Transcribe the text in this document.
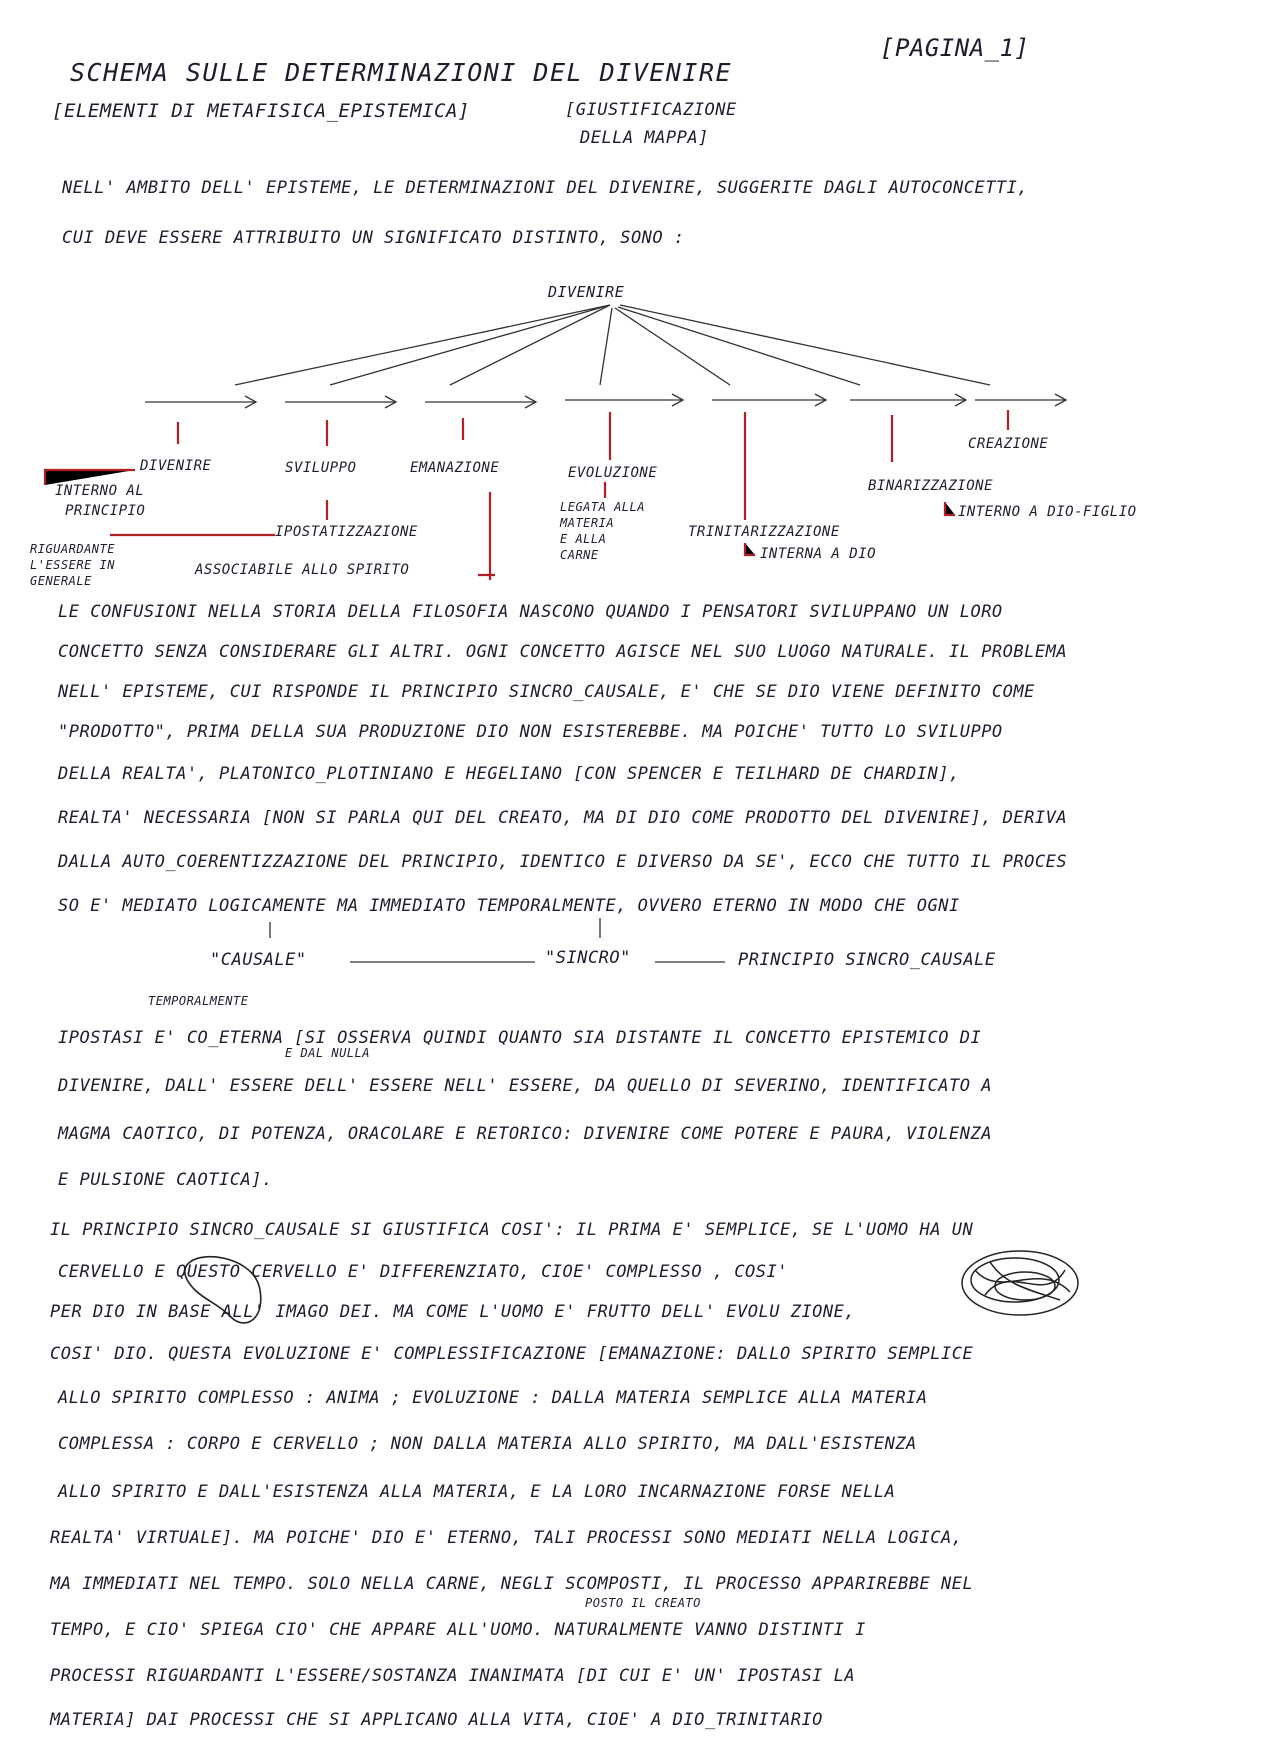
[PAGINA_1]
SCHEMA SULLE DETERMINAZIONI DEL DIVENIRE
[ELEMENTI DI METAFISICA_EPISTEMICA]	[GIUSTIFICAZIONE
DELLA MAPPA]
NELL' AMBITO DELL' EPISTEME, LE DETERMINAZIONI DEL DIVENIRE, SUGGERITE DAGLI AUTOCONCETTI,
CUI DEVE ESSERE ATTRIBUITO UN SIGNIFICATO DISTINTO, SONO :
DIVENIRE
DIVENIRE
INTERNO AL
PRINCIPIO
SVILUPPO
IPOSTATIZZAZIONE
EMANAZIONE
ASSOCIABILE ALLO SPIRITO
EVOLUZIONE
LEGATA ALLA
MATERIA
E ALLA
CARNE
TRINITARIZZAZIONE
INTERNA A DIO
BINARIZZAZIONE
INTERNO A DIO-FIGLIO
CREAZIONE
RIGUARDANTE
L'ESSERE IN
GENERALE
LE CONFUSIONI NELLA STORIA DELLA FILOSOFIA NASCONO QUANDO I PENSATORI SVILUPPANO UN LORO
CONCETTO SENZA CONSIDERARE GLI ALTRI. OGNI CONCETTO AGISCE NEL SUO LUOGO NATURALE. IL PROBLEMA
NELL' EPISTEME, CUI RISPONDE IL PRINCIPIO SINCRO_CAUSALE, E' CHE SE DIO VIENE DEFINITO COME
"PRODOTTO", PRIMA DELLA SUA PRODUZIONE DIO NON ESISTEREBBE. MA POICHE' TUTTO LO SVILUPPO
DELLA REALTA', PLATONICO_PLOTINIANO E HEGELIANO [CON SPENCER E TEILHARD DE CHARDIN],
REALTA' NECESSARIA [NON SI PARLA QUI DEL CREATO, MA DI DIO COME PRODOTTO DEL DIVENIRE], DERIVA
DALLA AUTO_COERENTIZZAZIONE DEL PRINCIPIO, IDENTICO E DIVERSO DA SE', ECCO CHE TUTTO IL PROCES
SO E' MEDIATO LOGICAMENTE MA IMMEDIATO TEMPORALMENTE, OVVERO ETERNO IN MODO CHE OGNI
"CAUSALE"	"SINCRO"	PRINCIPIO SINCRO_CAUSALE
TEMPORALMENTE
E DAL NULLA
IPOSTASI E' CO_ETERNA [SI OSSERVA QUINDI QUANTO SIA DISTANTE IL CONCETTO EPISTEMICO DI
DIVENIRE, DALL' ESSERE DELL' ESSERE NELL' ESSERE, DA QUELLO DI SEVERINO, IDENTIFICATO A
MAGMA CAOTICO, DI POTENZA, ORACOLARE E RETORICO: DIVENIRE COME POTERE E PAURA, VIOLENZA
E PULSIONE CAOTICA].
IL PRINCIPIO SINCRO_CAUSALE SI GIUSTIFICA COSI': IL PRIMA E' SEMPLICE, SE L'UOMO HA UN
CERVELLO E QUESTO CERVELLO E' DIFFERENZIATO, CIOE' COMPLESSO , COSI'
PER DIO IN BASE ALL' IMAGO DEI. MA COME L'UOMO E' FRUTTO DELL' EVOLU ZIONE,
COSI' DIO. QUESTA EVOLUZIONE E' COMPLESSIFICAZIONE [EMANAZIONE: DALLO SPIRITO SEMPLICE
ALLO SPIRITO COMPLESSO : ANIMA ; EVOLUZIONE : DALLA MATERIA SEMPLICE ALLA MATERIA
COMPLESSA : CORPO E CERVELLO ; NON DALLA MATERIA ALLO SPIRITO, MA DALL'ESISTENZA
ALLO SPIRITO E DALL'ESISTENZA ALLA MATERIA, E LA LORO INCARNAZIONE FORSE NELLA
REALTA' VIRTUALE]. MA POICHE' DIO E' ETERNO, TALI PROCESSI SONO MEDIATI NELLA LOGICA,
MA IMMEDIATI NEL TEMPO. SOLO NELLA CARNE, NEGLI SCOMPOSTI, IL PROCESSO APPARIREBBE NEL
POSTO IL CREATO
TEMPO, E CIO' SPIEGA CIO' CHE APPARE ALL'UOMO. NATURALMENTE VANNO DISTINTI I
PROCESSI RIGUARDANTI L'ESSERE/SOSTANZA INANIMATA [DI CUI E' UN' IPOSTASI LA
MATERIA] DAI PROCESSI CHE SI APPLICANO ALLA VITA, CIOE' A DIO_TRINITARIO
